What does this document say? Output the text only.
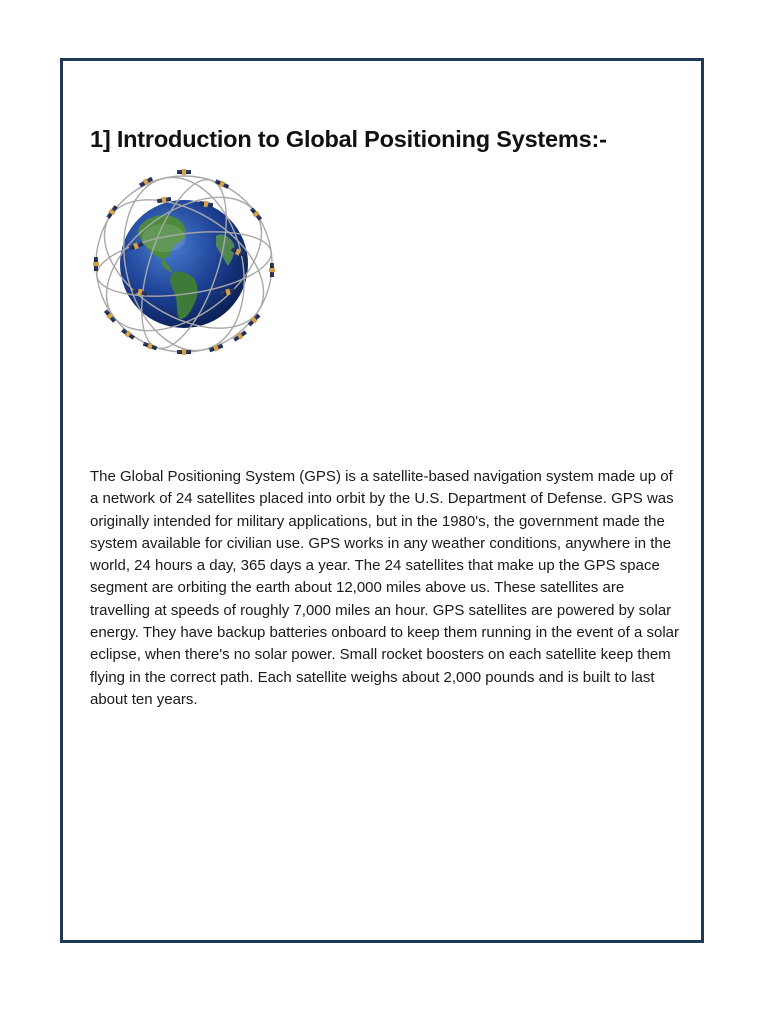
1] Introduction to Global Positioning Systems:-

The Global Positioning System (GPS) is a satellite-based navigation system made up of a network of 24 satellites placed into orbit by the U.S. Department of Defense. GPS was originally intended for military applications, but in the 1980's, the government made the system available for civilian use. GPS works in any weather conditions, anywhere in the world, 24 hours a day, 365 days a year. The 24 satellites that make up the GPS space segment are orbiting the earth about 12,000 miles above us. These satellites are travelling at speeds of roughly 7,000 miles an hour. GPS satellites are powered by solar energy. They have backup batteries onboard to keep them running in the event of a solar eclipse, when there's no solar power. Small rocket boosters on each satellite keep them flying in the correct path. Each satellite weighs about 2,000 pounds and is built to last about ten years.
